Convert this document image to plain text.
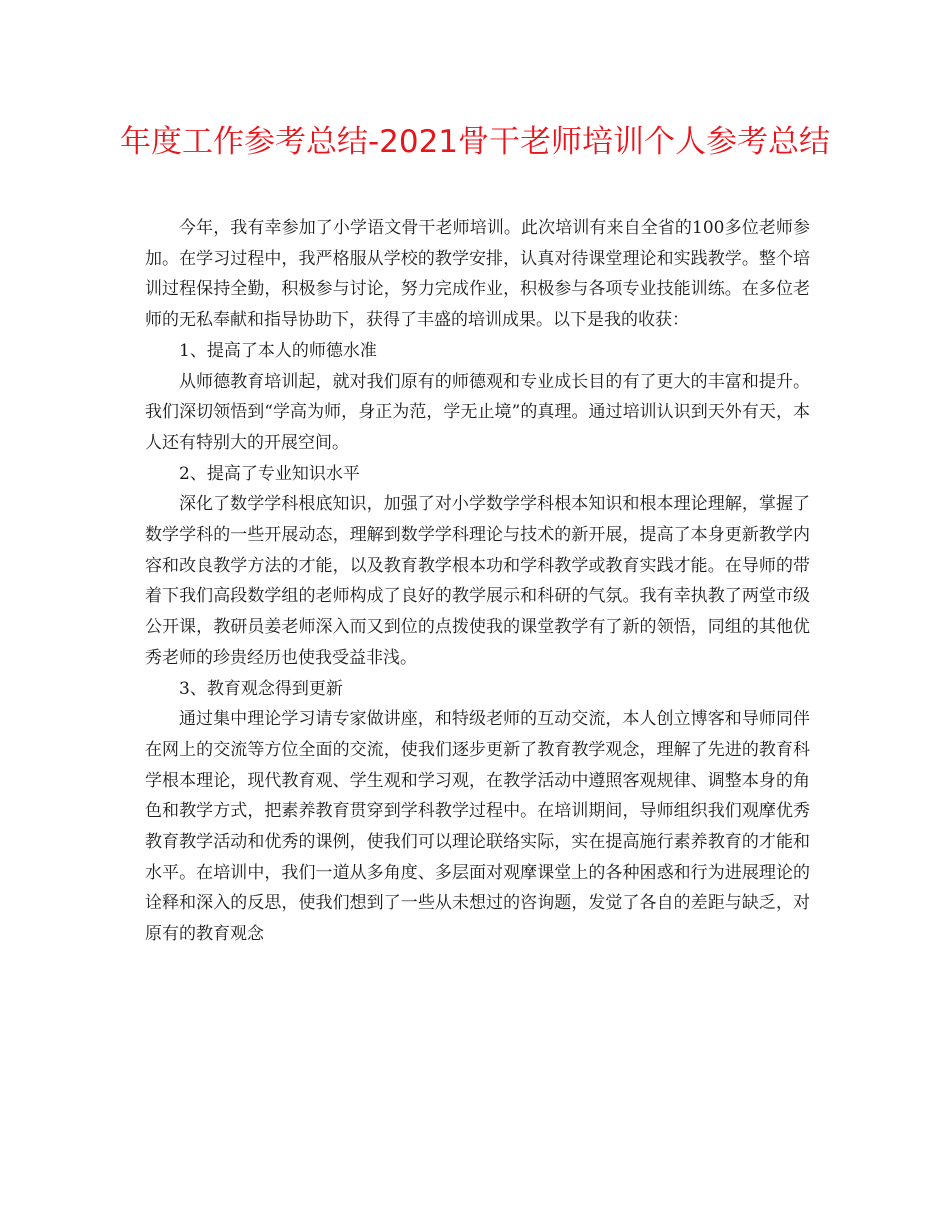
年度工作参考总结-2021骨干老师培训个人参考总结

今年，我有幸参加了小学语文骨干老师培训。此次培训有来自全省的100多位老师参加。在学习过程中，我严格服从学校的教学安排，认真对待课堂理论和实践教学。整个培训过程保持全勤，积极参与讨论，努力完成作业，积极参与各项专业技能训练。在多位老师的无私奉献和指导协助下，获得了丰盛的培训成果。以下是我的收获：

1、提高了本人的师德水准

从师德教育培训起，就对我们原有的师德观和专业成长目的有了更大的丰富和提升。我们深切领悟到“学高为师，身正为范，学无止境”的真理。通过培训认识到天外有天，本人还有特别大的开展空间。

2、提高了专业知识水平

深化了数学学科根底知识，加强了对小学数学学科根本知识和根本理论理解，掌握了数学学科的一些开展动态，理解到数学学科理论与技术的新开展，提高了本身更新教学内容和改良教学方法的才能，以及教育教学根本功和学科教学或教育实践才能。在导师的带着下我们高段数学组的老师构成了良好的教学展示和科研的气氛。我有幸执教了两堂市级公开课，教研员姜老师深入而又到位的点拨使我的课堂教学有了新的领悟，同组的其他优秀老师的珍贵经历也使我受益非浅。

3、教育观念得到更新

通过集中理论学习请专家做讲座，和特级老师的互动交流，本人创立博客和导师同伴在网上的交流等方位全面的交流，使我们逐步更新了教育教学观念，理解了先进的教育科学根本理论，现代教育观、学生观和学习观，在教学活动中遵照客观规律、调整本身的角色和教学方式，把素养教育贯穿到学科教学过程中。在培训期间，导师组织我们观摩优秀教育教学活动和优秀的课例，使我们可以理论联络实际，实在提高施行素养教育的才能和水平。在培训中，我们一道从多角度、多层面对观摩课堂上的各种困惑和行为进展理论的诠释和深入的反思，使我们想到了一些从未想过的咨询题，发觉了各自的差距与缺乏，对原有的教育观念
